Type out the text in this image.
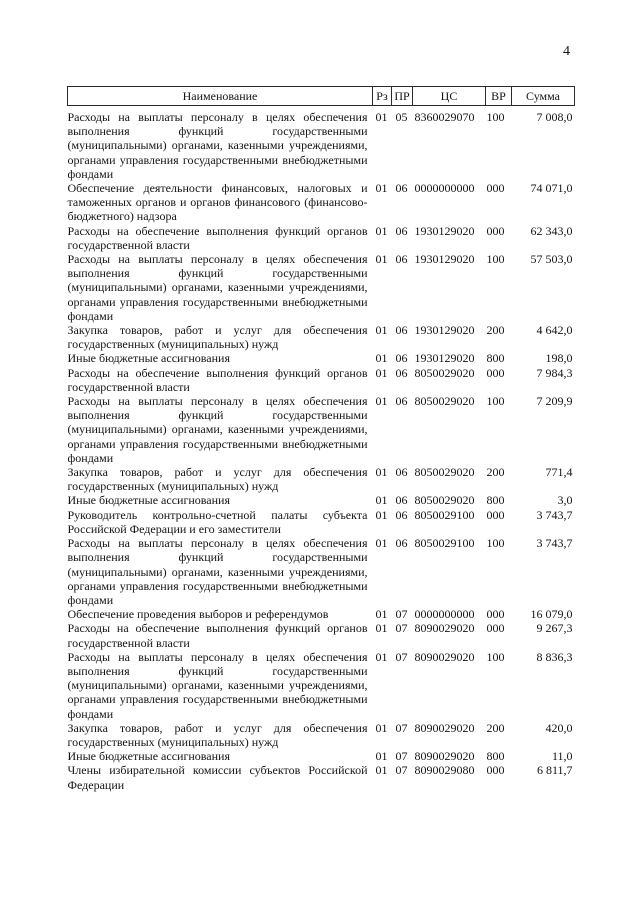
4
Наименование	Рз	ПР	ЦС	ВР	Сумма
Расходы на выплаты персоналу в целях обеспечения выполнения функций государственными (муниципальными) органами, казенными учреждениями, органами управления государственными внебюджетными фондами	01	05	8360029070	100	7 008,0
Обеспечение деятельности финансовых, налоговых и таможенных органов и органов финансового (финансово-бюджетного) надзора	01	06	0000000000	000	74 071,0
Расходы на обеспечение выполнения функций органов государственной власти	01	06	1930129020	000	62 343,0
Расходы на выплаты персоналу в целях обеспечения выполнения функций государственными (муниципальными) органами, казенными учреждениями, органами управления государственными внебюджетными фондами	01	06	1930129020	100	57 503,0
Закупка товаров, работ и услуг для обеспечения государственных (муниципальных) нужд	01	06	1930129020	200	4 642,0
Иные бюджетные ассигнования	01	06	1930129020	800	198,0
Расходы на обеспечение выполнения функций органов государственной власти	01	06	8050029020	000	7 984,3
Расходы на выплаты персоналу в целях обеспечения выполнения функций государственными (муниципальными) органами, казенными учреждениями, органами управления государственными внебюджетными фондами	01	06	8050029020	100	7 209,9
Закупка товаров, работ и услуг для обеспечения государственных (муниципальных) нужд	01	06	8050029020	200	771,4
Иные бюджетные ассигнования	01	06	8050029020	800	3,0
Руководитель контрольно-счетной палаты субъекта Российской Федерации и его заместители	01	06	8050029100	000	3 743,7
Расходы на выплаты персоналу в целях обеспечения выполнения функций государственными (муниципальными) органами, казенными учреждениями, органами управления государственными внебюджетными фондами	01	06	8050029100	100	3 743,7
Обеспечение проведения выборов и референдумов	01	07	0000000000	000	16 079,0
Расходы на обеспечение выполнения функций органов государственной власти	01	07	8090029020	000	9 267,3
Расходы на выплаты персоналу в целях обеспечения выполнения функций государственными (муниципальными) органами, казенными учреждениями, органами управления государственными внебюджетными фондами	01	07	8090029020	100	8 836,3
Закупка товаров, работ и услуг для обеспечения государственных (муниципальных) нужд	01	07	8090029020	200	420,0
Иные бюджетные ассигнования	01	07	8090029020	800	11,0
Члены избирательной комиссии субъектов Российской Федерации	01	07	8090029080	000	6 811,7
